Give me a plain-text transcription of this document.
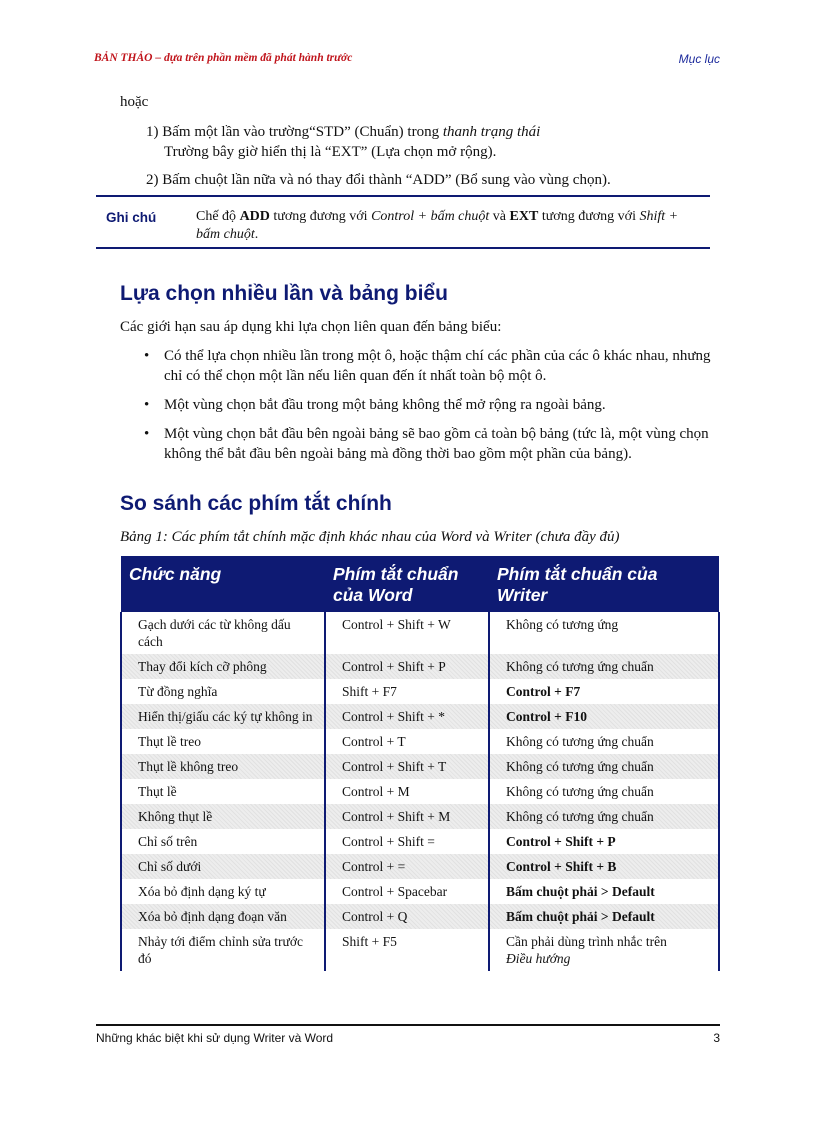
BẢN THẢO – dựa trên phần mềm đã phát hành trước	Mục lục
hoặc
1) Bấm một lần vào trường“STD” (Chuẩn) trong thanh trạng thái
Trường bây giờ hiển thị là “EXT” (Lựa chọn mở rộng).
2) Bấm chuột lần nữa và nó thay đổi thành “ADD” (Bổ sung vào vùng chọn).
Ghi chú	Chế độ ADD tương đương với Control + bấm chuột và EXT tương đương với Shift + bấm chuột.
Lựa chọn nhiều lần và bảng biểu
Các giới hạn sau áp dụng khi lựa chọn liên quan đến bảng biểu:
• Có thể lựa chọn nhiều lần trong một ô, hoặc thậm chí các phần của các ô khác nhau, nhưng chỉ có thể chọn một lần nếu liên quan đến ít nhất toàn bộ một ô.
• Một vùng chọn bắt đầu trong một bảng không thể mở rộng ra ngoài bảng.
• Một vùng chọn bắt đầu bên ngoài bảng sẽ bao gồm cả toàn bộ bảng (tức là, một vùng chọn không thể bắt đầu bên ngoài bảng mà đồng thời bao gồm một phần của bảng).
So sánh các phím tắt chính
Bảng 1: Các phím tắt chính mặc định khác nhau của Word và Writer (chưa đầy đủ)
Chức năng	Phím tắt chuẩn của Word	Phím tắt chuẩn của Writer
Gạch dưới các từ không dấu cách	Control + Shift + W	Không có tương ứng
Thay đổi kích cỡ phông	Control + Shift + P	Không có tương ứng chuẩn
Từ đồng nghĩa	Shift + F7	Control + F7
Hiển thị/giấu các ký tự không in	Control + Shift + *	Control + F10
Thụt lề treo	Control + T	Không có tương ứng chuẩn
Thụt lề không treo	Control + Shift + T	Không có tương ứng chuẩn
Thụt lề	Control + M	Không có tương ứng chuẩn
Không thụt lề	Control + Shift + M	Không có tương ứng chuẩn
Chỉ số trên	Control + Shift =	Control + Shift + P
Chỉ số dưới	Control + =	Control + Shift + B
Xóa bỏ định dạng ký tự	Control + Spacebar	Bấm chuột phải > Default
Xóa bỏ định dạng đoạn văn	Control + Q	Bấm chuột phải > Default
Nhảy tới điểm chỉnh sửa trước đó	Shift + F5	Cần phải dùng trình nhắc trên
Điều hướng
Những khác biệt khi sử dụng Writer và Word	3
